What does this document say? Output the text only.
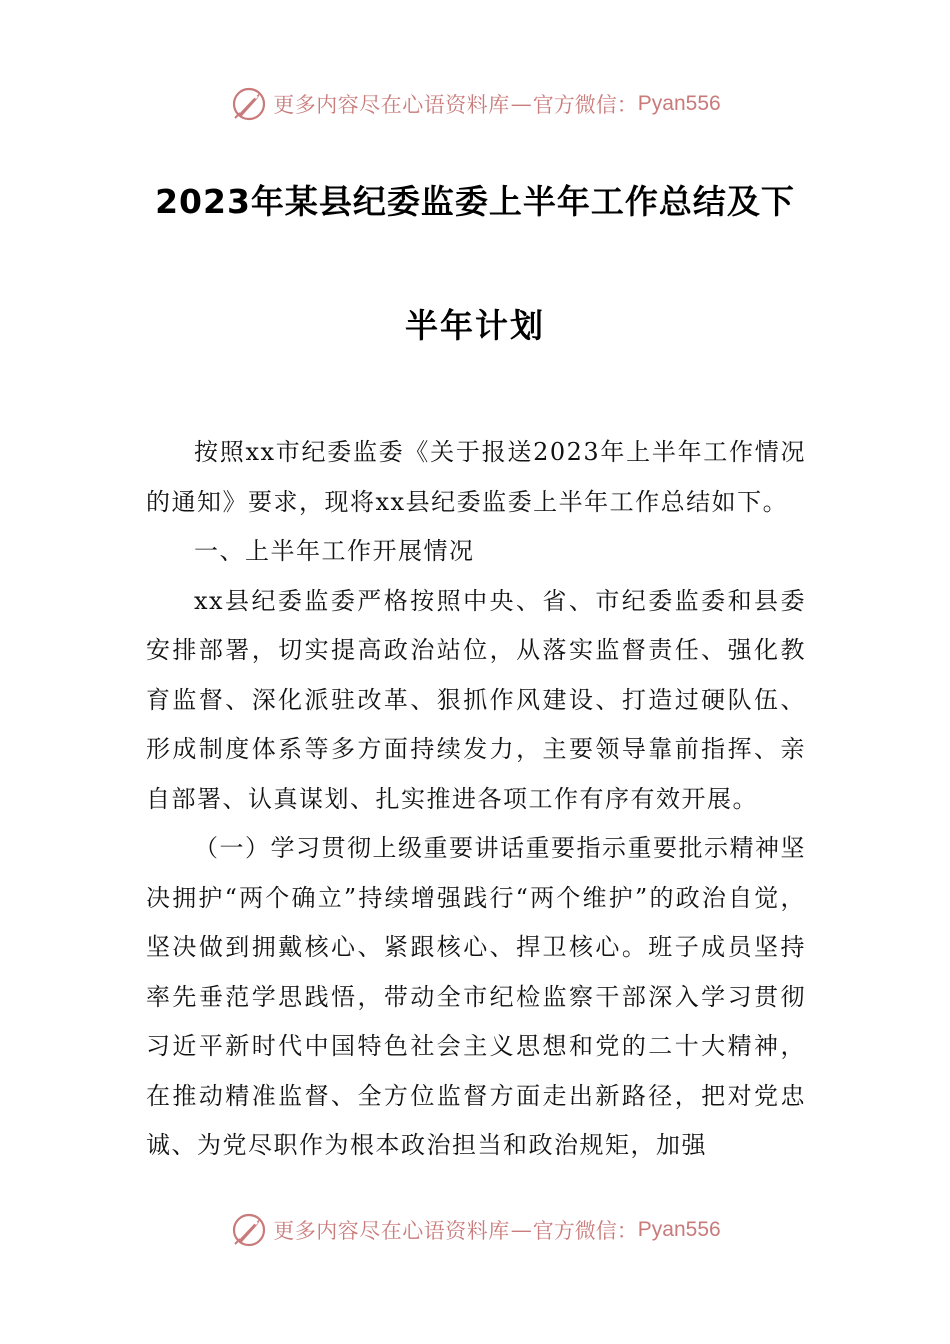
更多内容尽在心语资料库 — 官方微信： Pyan556
2023年某县纪委监委上半年工作总结及下
半年计划

按照xx市纪委监委《关于报送2023年上半年工作情况的通知》要求，现将xx县纪委监委上半年工作总结如下。

一、上半年工作开展情况

xx县纪委监委严格按照中央、省、市纪委监委和县委安排部署，切实提高政治站位，从落实监督责任、强化教育监督、深化派驻改革、狠抓作风建设、打造过硬队伍、形成制度体系等多方面持续发力，主要领导靠前指挥、亲自部署、认真谋划、扎实推进各项工作有序有效开展。

（一）学习贯彻上级重要讲话重要指示重要批示精神坚决拥护“两个确立”持续增强践行“两个维护”的政治自觉，坚决做到拥戴核心、紧跟核心、捍卫核心。班子成员坚持率先垂范学思践悟，带动全市纪检监察干部深入学习贯彻习近平新时代中国特色社会主义思想和党的二十大精神，在推动精准监督、全方位监督方面走出新路径，把对党忠诚、为党尽职作为根本政治担当和政治规矩，加强

更多内容尽在心语资料库 — 官方微信： Pyan556
